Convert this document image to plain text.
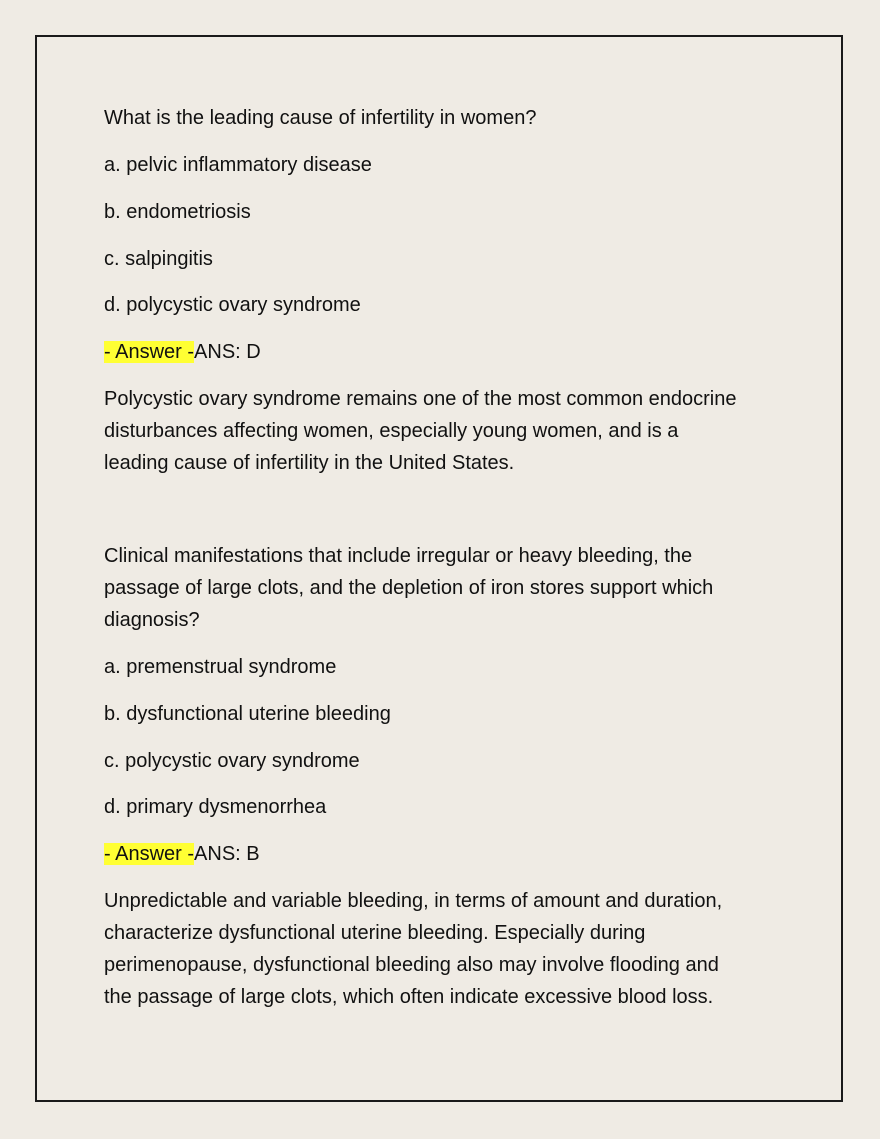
What is the leading cause of infertility in women?

a. pelvic inflammatory disease

b. endometriosis

c. salpingitis

d. polycystic ovary syndrome

- Answer -ANS: D

Polycystic ovary syndrome remains one of the most common endocrine

disturbances affecting women, especially young women, and is a

leading cause of infertility in the United States.

Clinical manifestations that include irregular or heavy bleeding, the

passage of large clots, and the depletion of iron stores support which

diagnosis?

a. premenstrual syndrome

b. dysfunctional uterine bleeding

c. polycystic ovary syndrome

d. primary dysmenorrhea

- Answer -ANS: B

Unpredictable and variable bleeding, in terms of amount and duration,

characterize dysfunctional uterine bleeding. Especially during

perimenopause, dysfunctional bleeding also may involve flooding and

the passage of large clots, which often indicate excessive blood loss.
